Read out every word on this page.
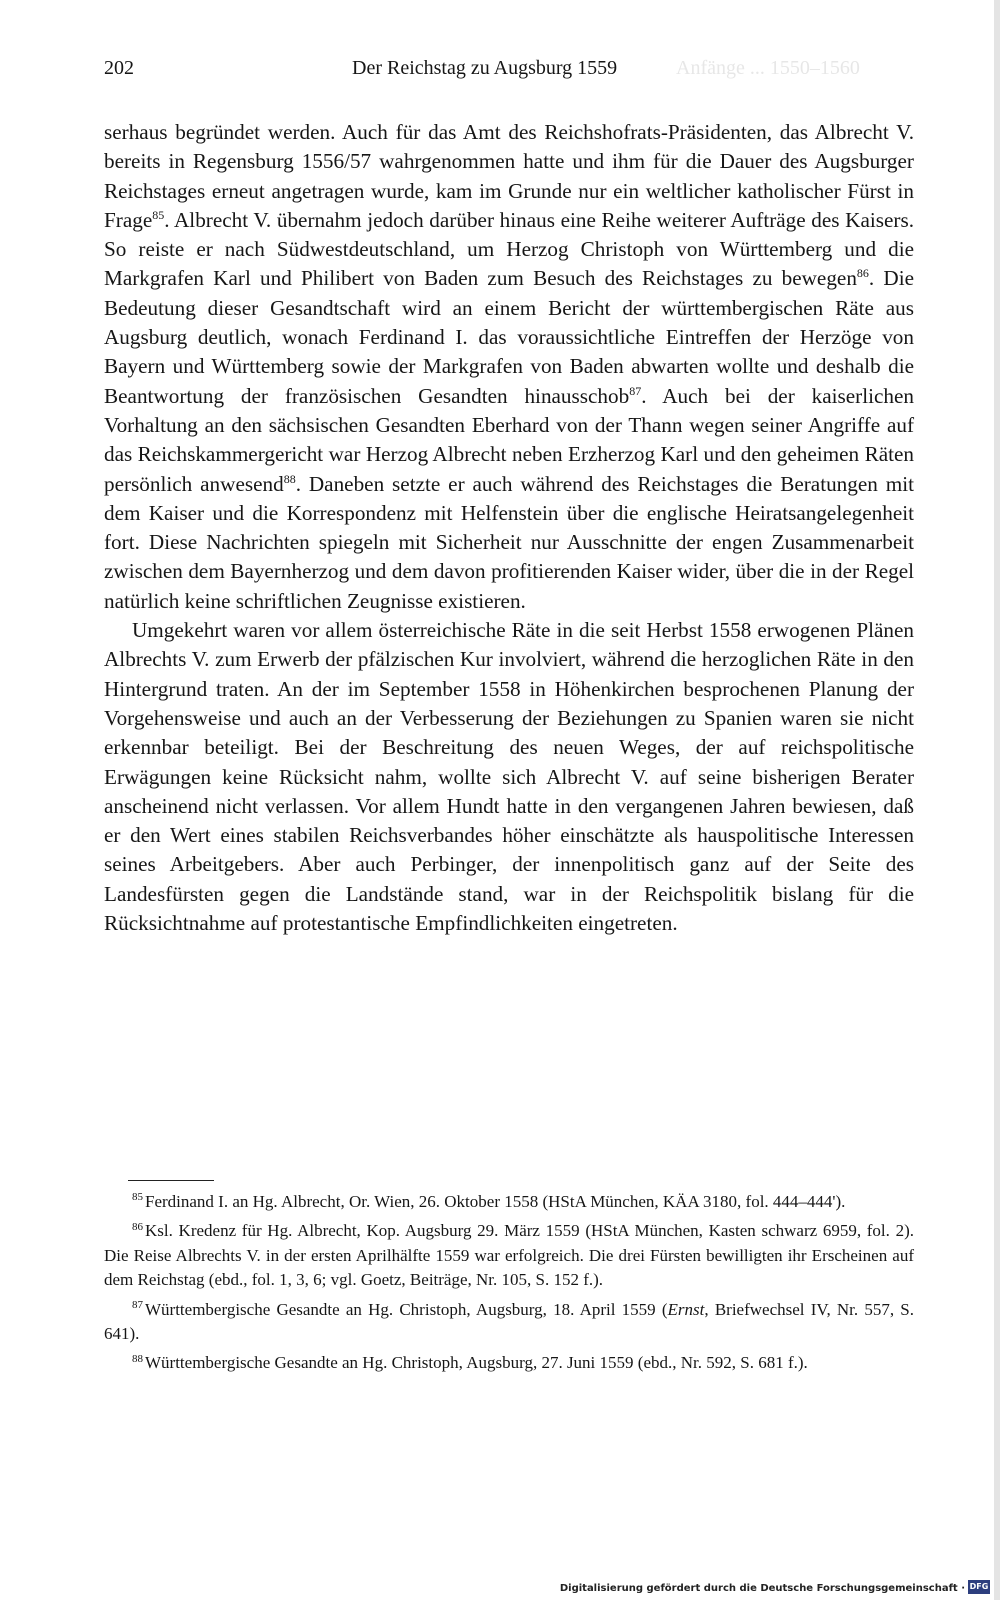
202	Der Reichstag zu Augsburg 1559	Anfänge ... 1550–1560

serhaus begründet werden. Auch für das Amt des Reichshofrats-Präsidenten, das Albrecht V. bereits in Regensburg 1556/57 wahrgenommen hatte und ihm für die Dauer des Augsburger Reichstages erneut angetragen wurde, kam im Grunde nur ein weltlicher katholischer Fürst in Frage$^{85}$. Albrecht V. übernahm jedoch darüber hinaus eine Reihe weiterer Aufträge des Kaisers. So reiste er nach Südwestdeutschland, um Herzog Christoph von Württemberg und die Markgrafen Karl und Philibert von Baden zum Besuch des Reichstages zu bewegen$^{86}$. Die Bedeutung dieser Gesandtschaft wird an einem Bericht der württembergischen Räte aus Augsburg deutlich, wonach Ferdinand I. das voraussichtliche Eintreffen der Herzöge von Bayern und Württemberg sowie der Markgrafen von Baden abwarten wollte und deshalb die Beantwortung der französischen Gesandten hinausschob$^{87}$. Auch bei der kaiserlichen Vorhaltung an den sächsischen Gesandten Eberhard von der Thann wegen seiner Angriffe auf das Reichskammergericht war Herzog Albrecht neben Erzherzog Karl und den geheimen Räten persönlich anwesend$^{88}$. Daneben setzte er auch während des Reichstages die Beratungen mit dem Kaiser und die Korrespondenz mit Helfenstein über die englische Heiratsangelegenheit fort. Diese Nachrichten spiegeln mit Sicherheit nur Ausschnitte der engen Zusammenarbeit zwischen dem Bayernherzog und dem davon profitierenden Kaiser wider, über die in der Regel natürlich keine schriftlichen Zeugnisse existieren.

Umgekehrt waren vor allem österreichische Räte in die seit Herbst 1558 erwogenen Plänen Albrechts V. zum Erwerb der pfälzischen Kur involviert, während die herzoglichen Räte in den Hintergrund traten. An der im September 1558 in Höhenkirchen besprochenen Planung der Vorgehensweise und auch an der Verbesserung der Beziehungen zu Spanien waren sie nicht erkennbar beteiligt. Bei der Beschreitung des neuen Weges, der auf reichspolitische Erwägungen keine Rücksicht nahm, wollte sich Albrecht V. auf seine bisherigen Berater anscheinend nicht verlassen. Vor allem Hundt hatte in den vergangenen Jahren bewiesen, daß er den Wert eines stabilen Reichsverbandes höher einschätzte als hauspolitische Interessen seines Arbeitgebers. Aber auch Perbinger, der innenpolitisch ganz auf der Seite des Landesfürsten gegen die Landstände stand, war in der Reichspolitik bislang für die Rücksichtnahme auf protestantische Empfindlichkeiten eingetreten.

$^{85}$ Ferdinand I. an Hg. Albrecht, Or. Wien, 26. Oktober 1558 (HStA München, KÄA 3180, fol. 444–444').

$^{86}$ Ksl. Kredenz für Hg. Albrecht, Kop. Augsburg 29. März 1559 (HStA München, Kasten schwarz 6959, fol. 2). Die Reise Albrechts V. in der ersten Aprilhälfte 1559 war erfolgreich. Die drei Fürsten bewilligten ihr Erscheinen auf dem Reichstag (ebd., fol. 1, 3, 6; vgl. Goetz, Beiträge, Nr. 105, S. 152 f.).

$^{87}$ Württembergische Gesandte an Hg. Christoph, Augsburg, 18. April 1559 (Ernst, Briefwechsel IV, Nr. 557, S. 641).

$^{88}$ Württembergische Gesandte an Hg. Christoph, Augsburg, 27. Juni 1559 (ebd., Nr. 592, S. 681 f.).

Digitalisierung gefördert durch die Deutsche Forschungsgemeinschaft · DFG
